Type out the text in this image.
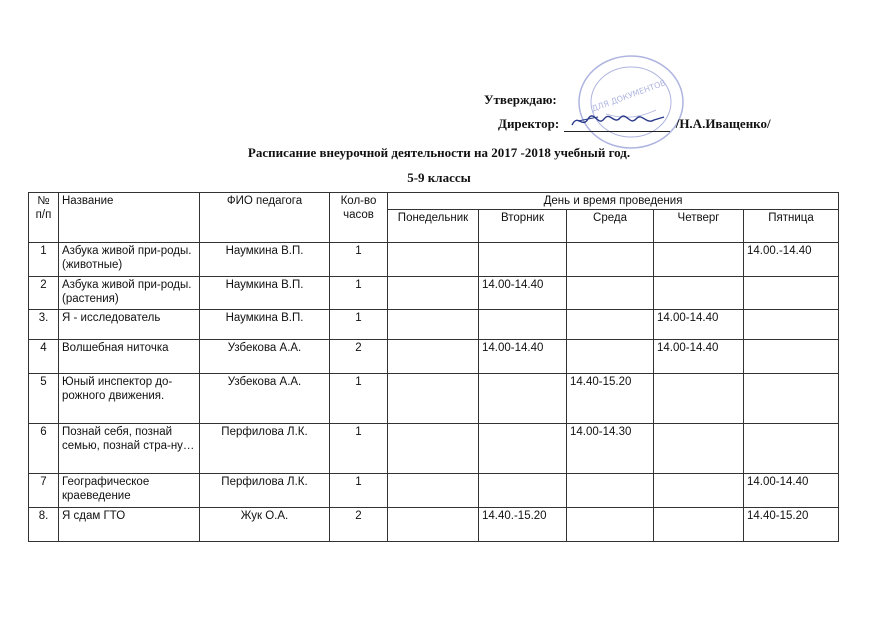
ДЛЯ ДОКУМЕНТОВ
Утверждаю:
Директор:	/Н.А.Иващенко/
Расписание внеурочной деятельности на 2017 -2018 учебный год.
5-9 классы
№ п/п	Название	ФИО педагога	Кол-во часов	День и время проведения				
				Понедельник	Вторник	Среда	Четверг	Пятница
1	Азбука живой при-роды.(животные)	Наумкина В.П.	1					14.00.-14.40
2	Азбука живой при-роды.(растения)	Наумкина В.П.	1		14.00-14.40			
3.	Я - исследователь	Наумкина В.П.	1				14.00-14.40	
4	Волшебная ниточка	Узбекова А.А.	2		14.00-14.40		14.00-14.40	
5	Юный инспектор до-рожного движения.	Узбекова А.А.	1			14.40-15.20		
6	Познай себя, познай семью, познай стра-ну…	Перфилова Л.К.	1			14.00-14.30		
7	Географическое краеведение	Перфилова Л.К.	1					14.00-14.40
8.	Я сдам ГТО	Жук О.А.	2		14.40.-15.20			14.40-15.20
